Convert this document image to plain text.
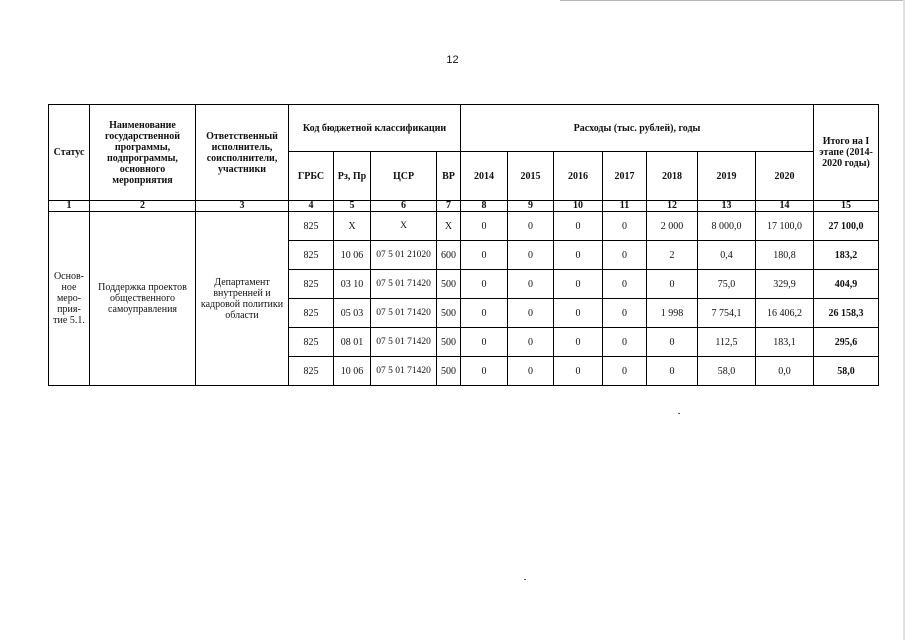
12
Статус	Наименование государственной программы, подпрограммы, основного мероприятия	Ответственный исполнитель, соисполнители, участники	Код бюджетной классификации				Расходы (тыс. рублей), годы							Итого на I этапе (2014-2020 годы)
			ГРБС	Рз, Пр	ЦСР	ВР	2014	2015	2016	2017	2018	2019	2020	
1	2	3	4	5	6	7	8	9	10	11	12	13	14	15
Основ-ное меро-прия-тие 5.1.	Поддержка проектов общественного самоуправления	Департамент внутренней и кадровой политики области	825	Х	Х	Х	0	0	0	0	2 000	8 000,0	17 100,0	27 100,0
			825	10 06	07 5 01 21020	600	0	0	0	0	2	0,4	180,8	183,2
			825	03 10	07 5 01 71420	500	0	0	0	0	0	75,0	329,9	404,9
			825	05 03	07 5 01 71420	500	0	0	0	0	1 998	7 754,1	16 406,2	26 158,3
			825	08 01	07 5 01 71420	500	0	0	0	0	0	112,5	183,1	295,6
			825	10 06	07 5 01 71420	500	0	0	0	0	0	58,0	0,0	58,0
